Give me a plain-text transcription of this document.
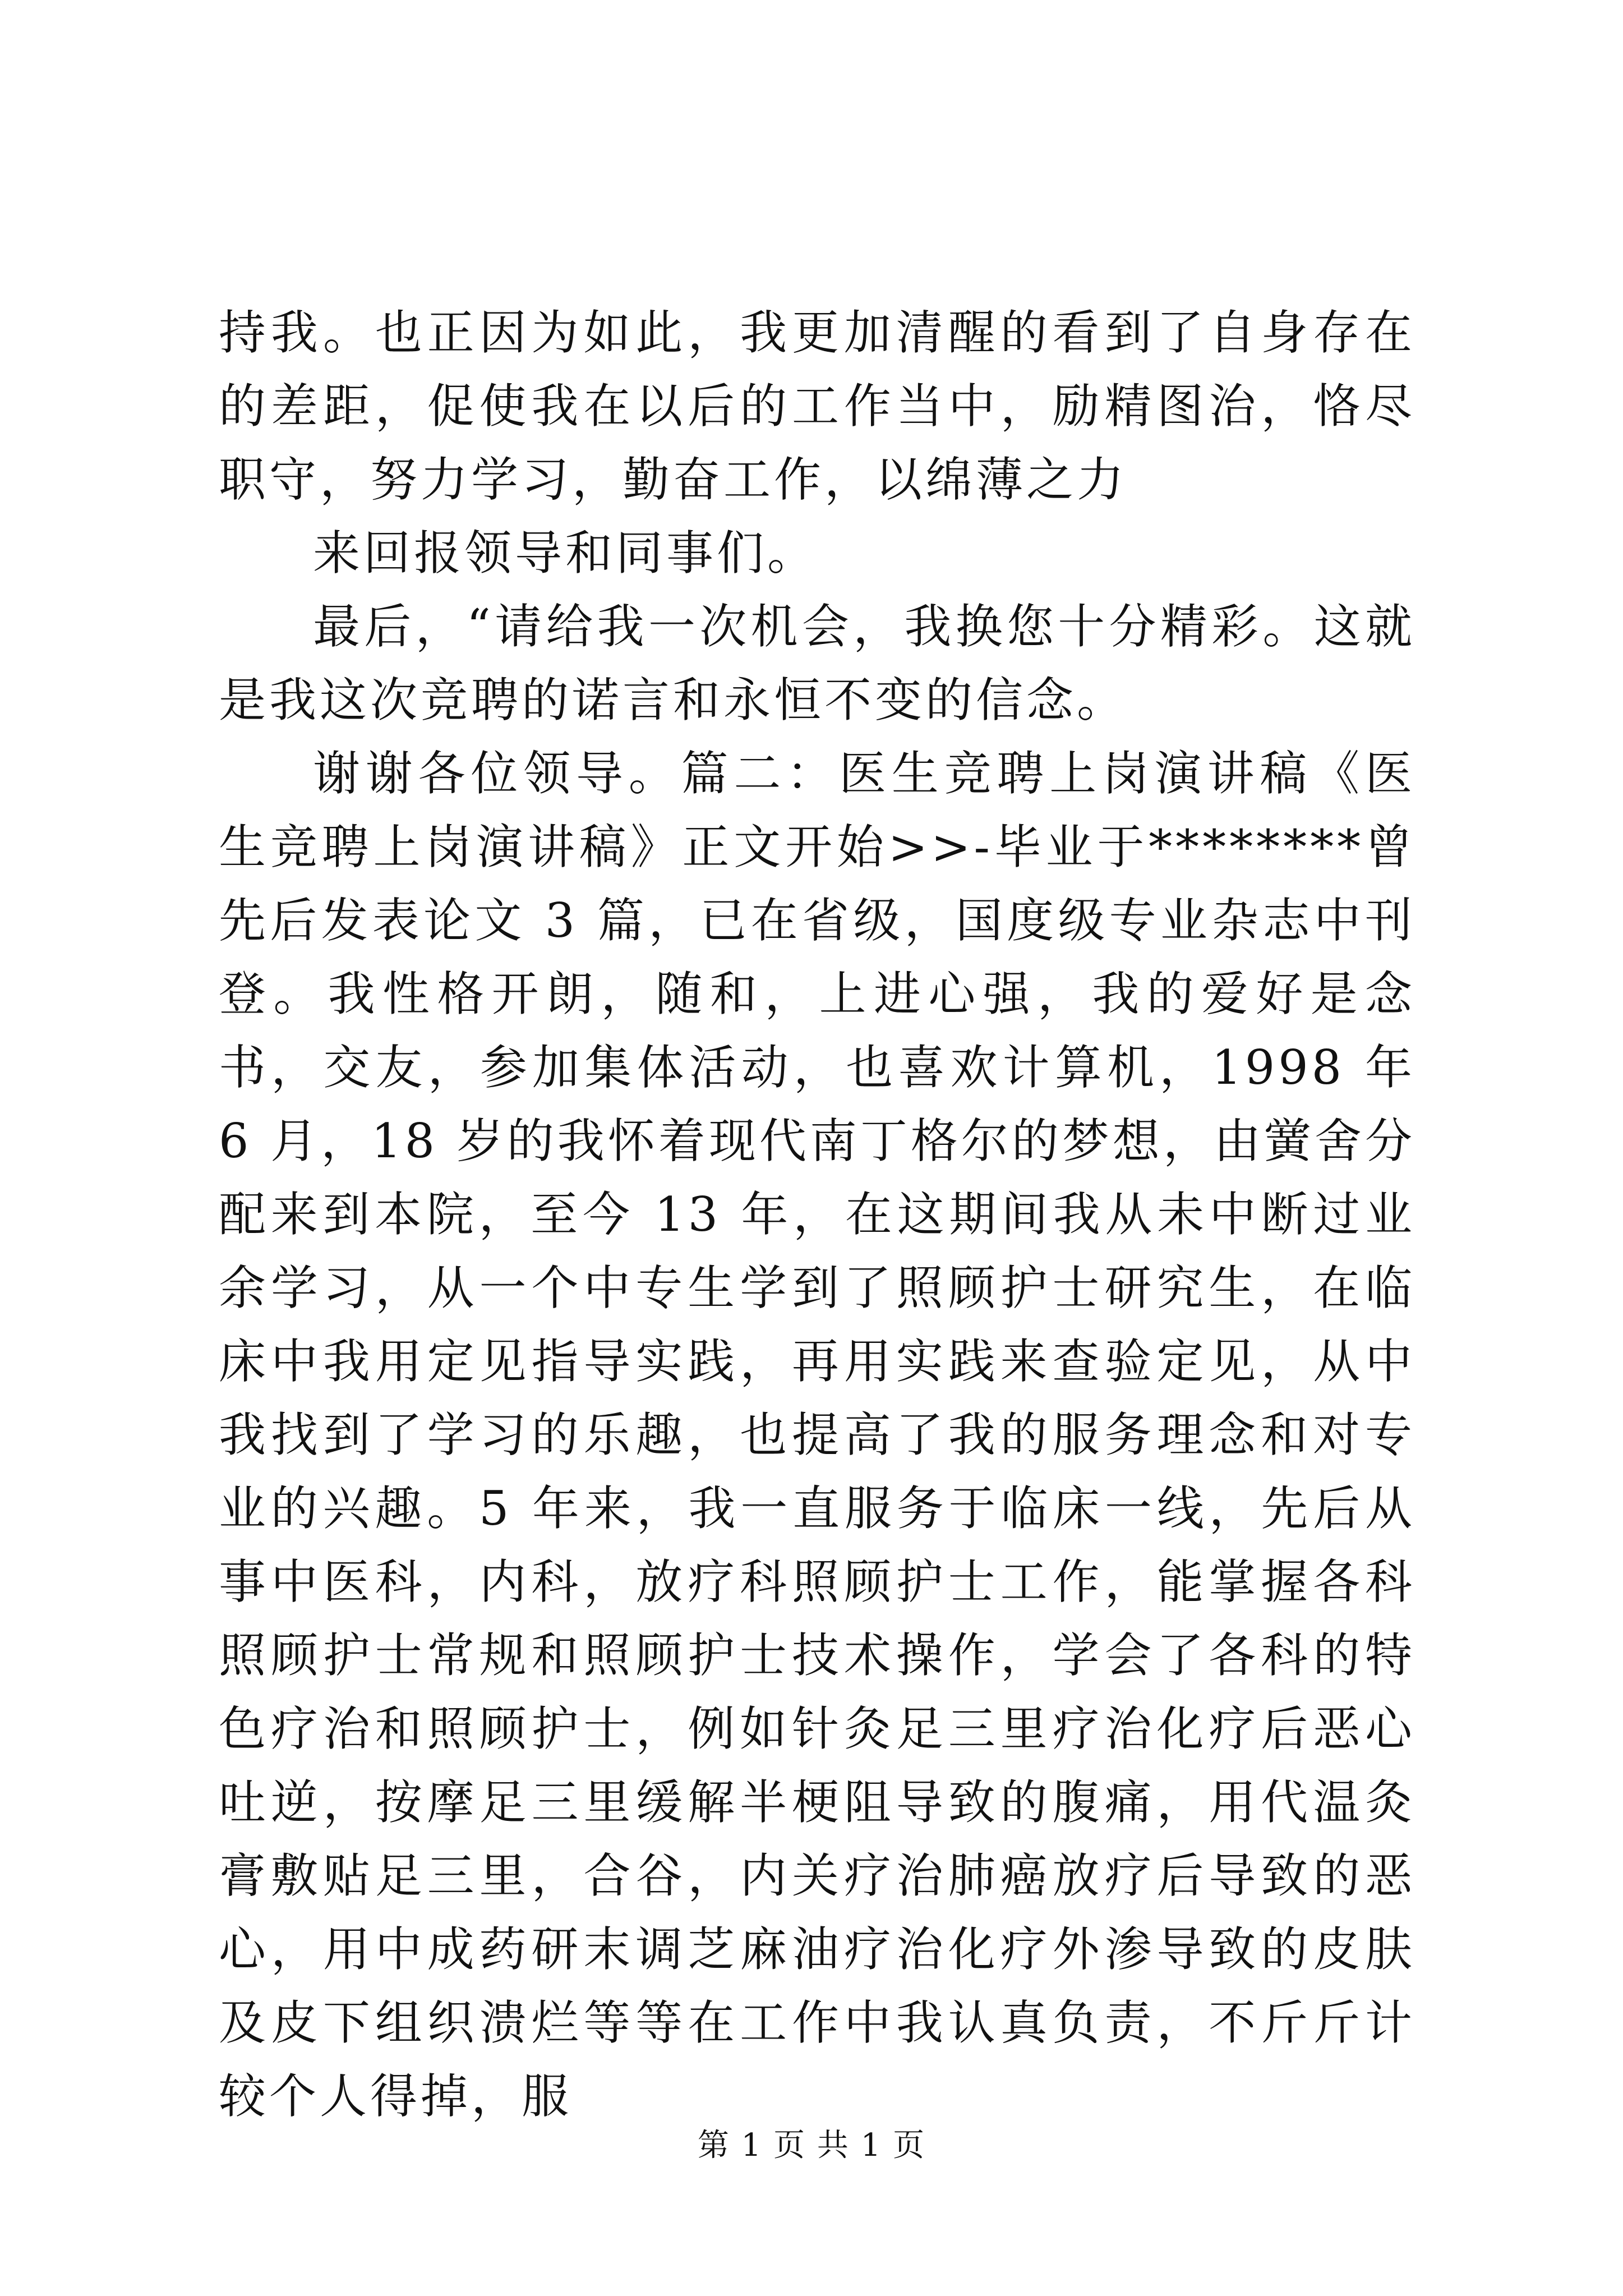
持我。也正因为如此，我更加清醒的看到了自身存在的差距，促使我在以后的工作当中，励精图治，恪尽职守，努力学习，勤奋工作，以绵薄之力

来回报领导和同事们。

最后，“请给我一次机会，我换您十分精彩。这就是我这次竞聘的诺言和永恒不变的信念。

谢谢各位领导。篇二：医生竞聘上岗演讲稿《医生竞聘上岗演讲稿》正文开始>>-毕业于********曾先后发表论文 3 篇，已在省级，国度级专业杂志中刊登。我性格开朗，随和，上进心强，我的爱好是念书，交友，参加集体活动，也喜欢计算机，1998 年 6 月，18 岁的我怀着现代南丁格尔的梦想，由黉舍分配来到本院，至今 13 年，在这期间我从未中断过业余学习，从一个中专生学到了照顾护士研究生，在临床中我用定见指导实践，再用实践来查验定见，从中我找到了学习的乐趣，也提高了我的服务理念和对专业的兴趣。5 年来，我一直服务于临床一线，先后从事中医科，内科，放疗科照顾护士工作，能掌握各科照顾护士常规和照顾护士技术操作，学会了各科的特色疗治和照顾护士，例如针灸足三里疗治化疗后恶心吐逆，按摩足三里缓解半梗阻导致的腹痛，用代温灸膏敷贴足三里，合谷，内关疗治肺癌放疗后导致的恶心，用中成药研末调芝麻油疗治化疗外渗导致的皮肤及皮下组织溃烂等等在工作中我认真负责，不斤斤计较个人得掉，服

第 1 页 共 1 页
